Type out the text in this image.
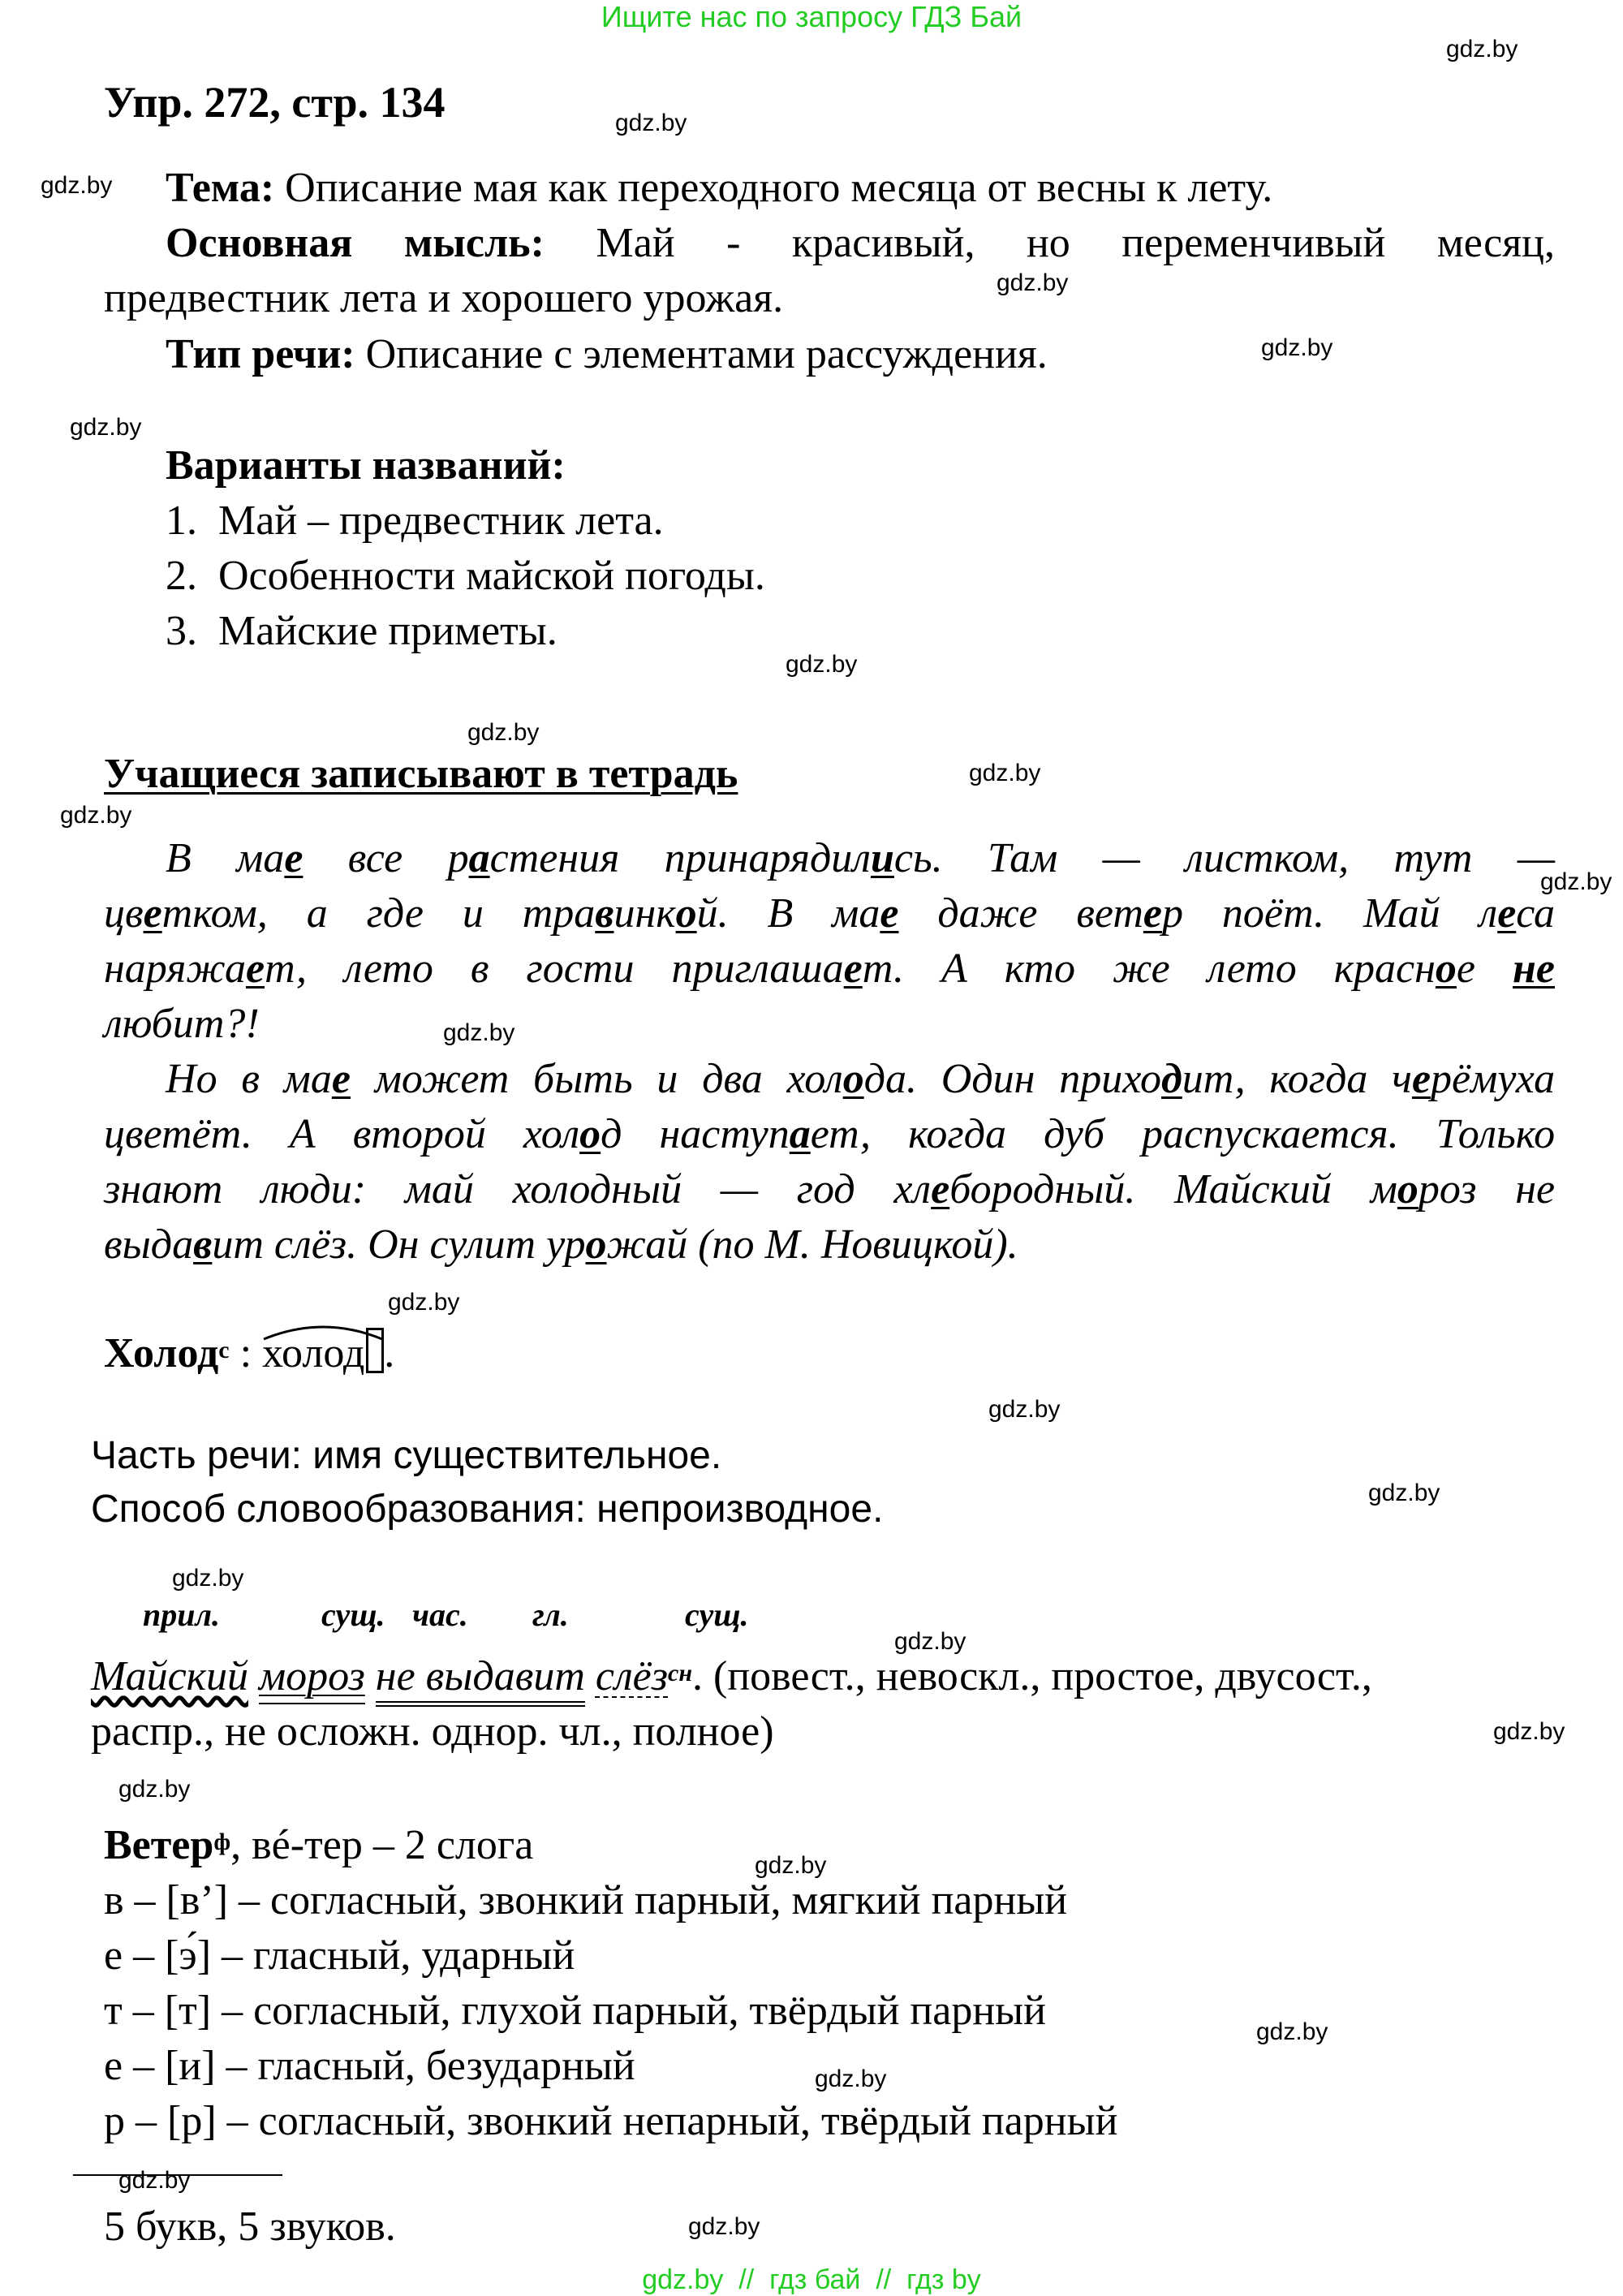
Ищите нас по запросу ГДЗ Бай
gdz.by
gdz.by
gdz.by
gdz.by
gdz.by
gdz.by
gdz.by
gdz.by
gdz.by
gdz.by
gdz.by
gdz.by
gdz.by
gdz.by
gdz.by
gdz.by
gdz.by
gdz.by
gdz.by
gdz.by
gdz.by
gdz.by
gdz.by
gdz.by
Упр. 272, стр. 134
Тема: Описание мая как переходного месяца от весны к лету.
Основная мысль: Май - красивый, но переменчивый месяц,
предвестник лета и хорошего урожая.
Тип речи: Описание с элементами рассуждения.
Варианты названий:
1.  Май – предвестник лета.
2.  Особенности майской погоды.
3.  Майские приметы.
Учащиеся записывают в тетрадь
В мае все растения принарядились. Там — листком, тут —
цветком, а где и травинкой. В мае даже ветер поёт. Май леса
наряжает, лето в гости приглашает. А кто же лето красное не
любит?!
Но в мае может быть и два холода. Один приходит, когда черёмуха
цветёт. А второй холод наступает, когда дуб распускается. Только
знают люди: май холодный — год хлебородный. Майский мороз не
выдавит слёз. Он сулит урожай (по М. Новицкой).
Холод$^с$ : холод .
Часть речи: имя существительное.
Способ словообразования: непроизводное.
прил.	сущ. час. гл.	сущ.
Майский мороз не выдавит слёз$^{сн}$. (повест., невоскл., простое, двусост.,
распр., не осложн. однор. чл., полное)
Ветер$^ф$, вé-тер – 2 слога
в – [в’] – согласный, звонкий парный, мягкий парный
е – [э́] – гласный, ударный
т – [т] – согласный, глухой парный, твёрдый парный
е – [и] – гласный, безударный
р – [р] – согласный, звонкий непарный, твёрдый парный
5 букв, 5 звуков.
gdz.by  //  гдз бай  //  гдз by
